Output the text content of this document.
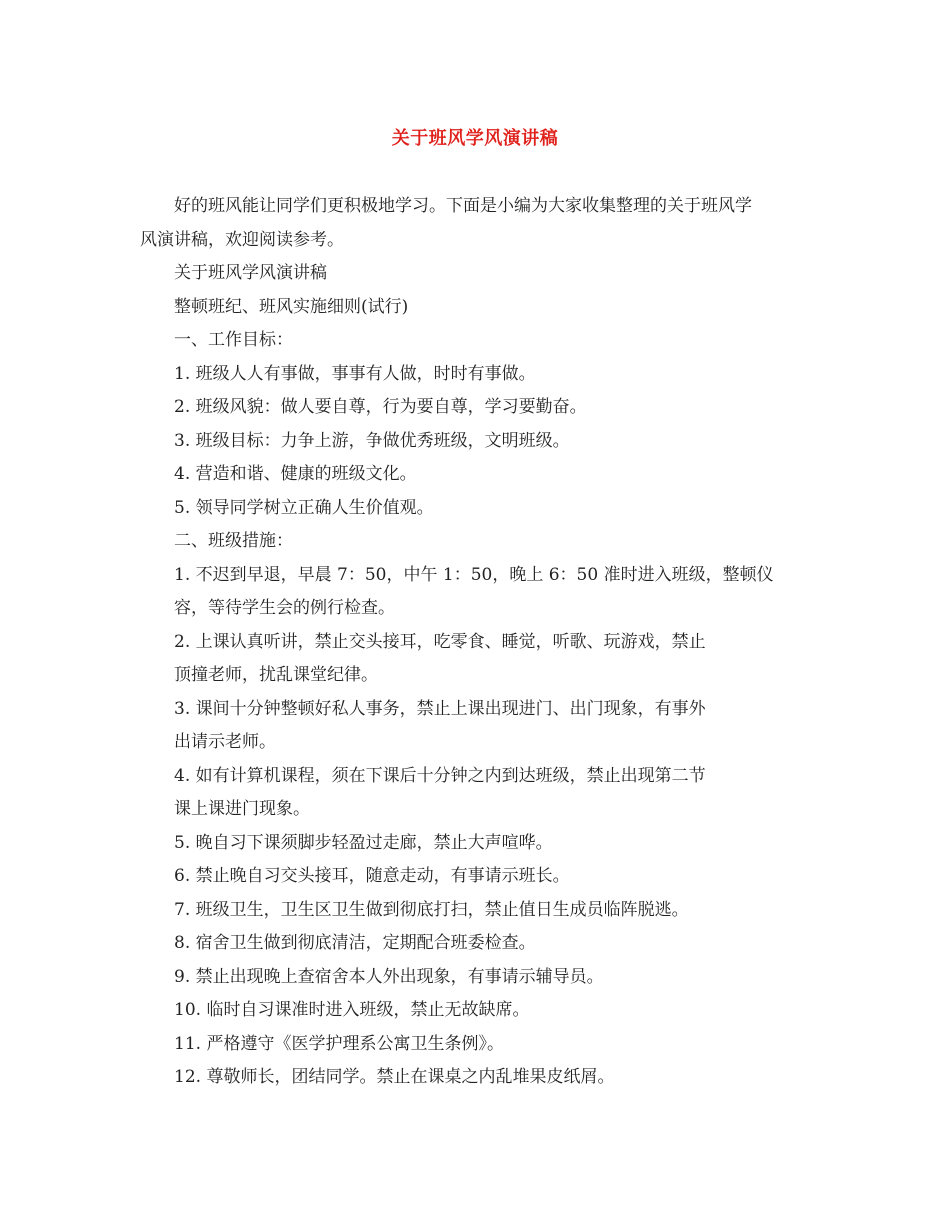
关于班风学风演讲稿
好的班风能让同学们更积极地学习。下面是小编为大家收集整理的关于班风学
风演讲稿，欢迎阅读参考。
关于班风学风演讲稿
整顿班纪、班风实施细则(试行)
一、工作目标：
1. 班级人人有事做，事事有人做，时时有事做。
2. 班级风貌：做人要自尊，行为要自尊，学习要勤奋。
3. 班级目标：力争上游，争做优秀班级，文明班级。
4. 营造和谐、健康的班级文化。
5. 领导同学树立正确人生价值观。
二、班级措施：
1. 不迟到早退，早晨 7：50，中午 1：50，晚上 6：50 准时进入班级，整顿仪
容，等待学生会的例行检查。
2. 上课认真听讲，禁止交头接耳，吃零食、睡觉，听歌、玩游戏，禁止
顶撞老师，扰乱课堂纪律。
3. 课间十分钟整顿好私人事务，禁止上课出现进门、出门现象，有事外
出请示老师。
4. 如有计算机课程，须在下课后十分钟之内到达班级，禁止出现第二节
课上课进门现象。
5. 晚自习下课须脚步轻盈过走廊，禁止大声喧哗。
6. 禁止晚自习交头接耳，随意走动，有事请示班长。
7. 班级卫生，卫生区卫生做到彻底打扫，禁止值日生成员临阵脱逃。
8. 宿舍卫生做到彻底清洁，定期配合班委检查。
9. 禁止出现晚上查宿舍本人外出现象，有事请示辅导员。
10. 临时自习课准时进入班级，禁止无故缺席。
11. 严格遵守《医学护理系公寓卫生条例》。
12. 尊敬师长，团结同学。禁止在课桌之内乱堆果皮纸屑。
